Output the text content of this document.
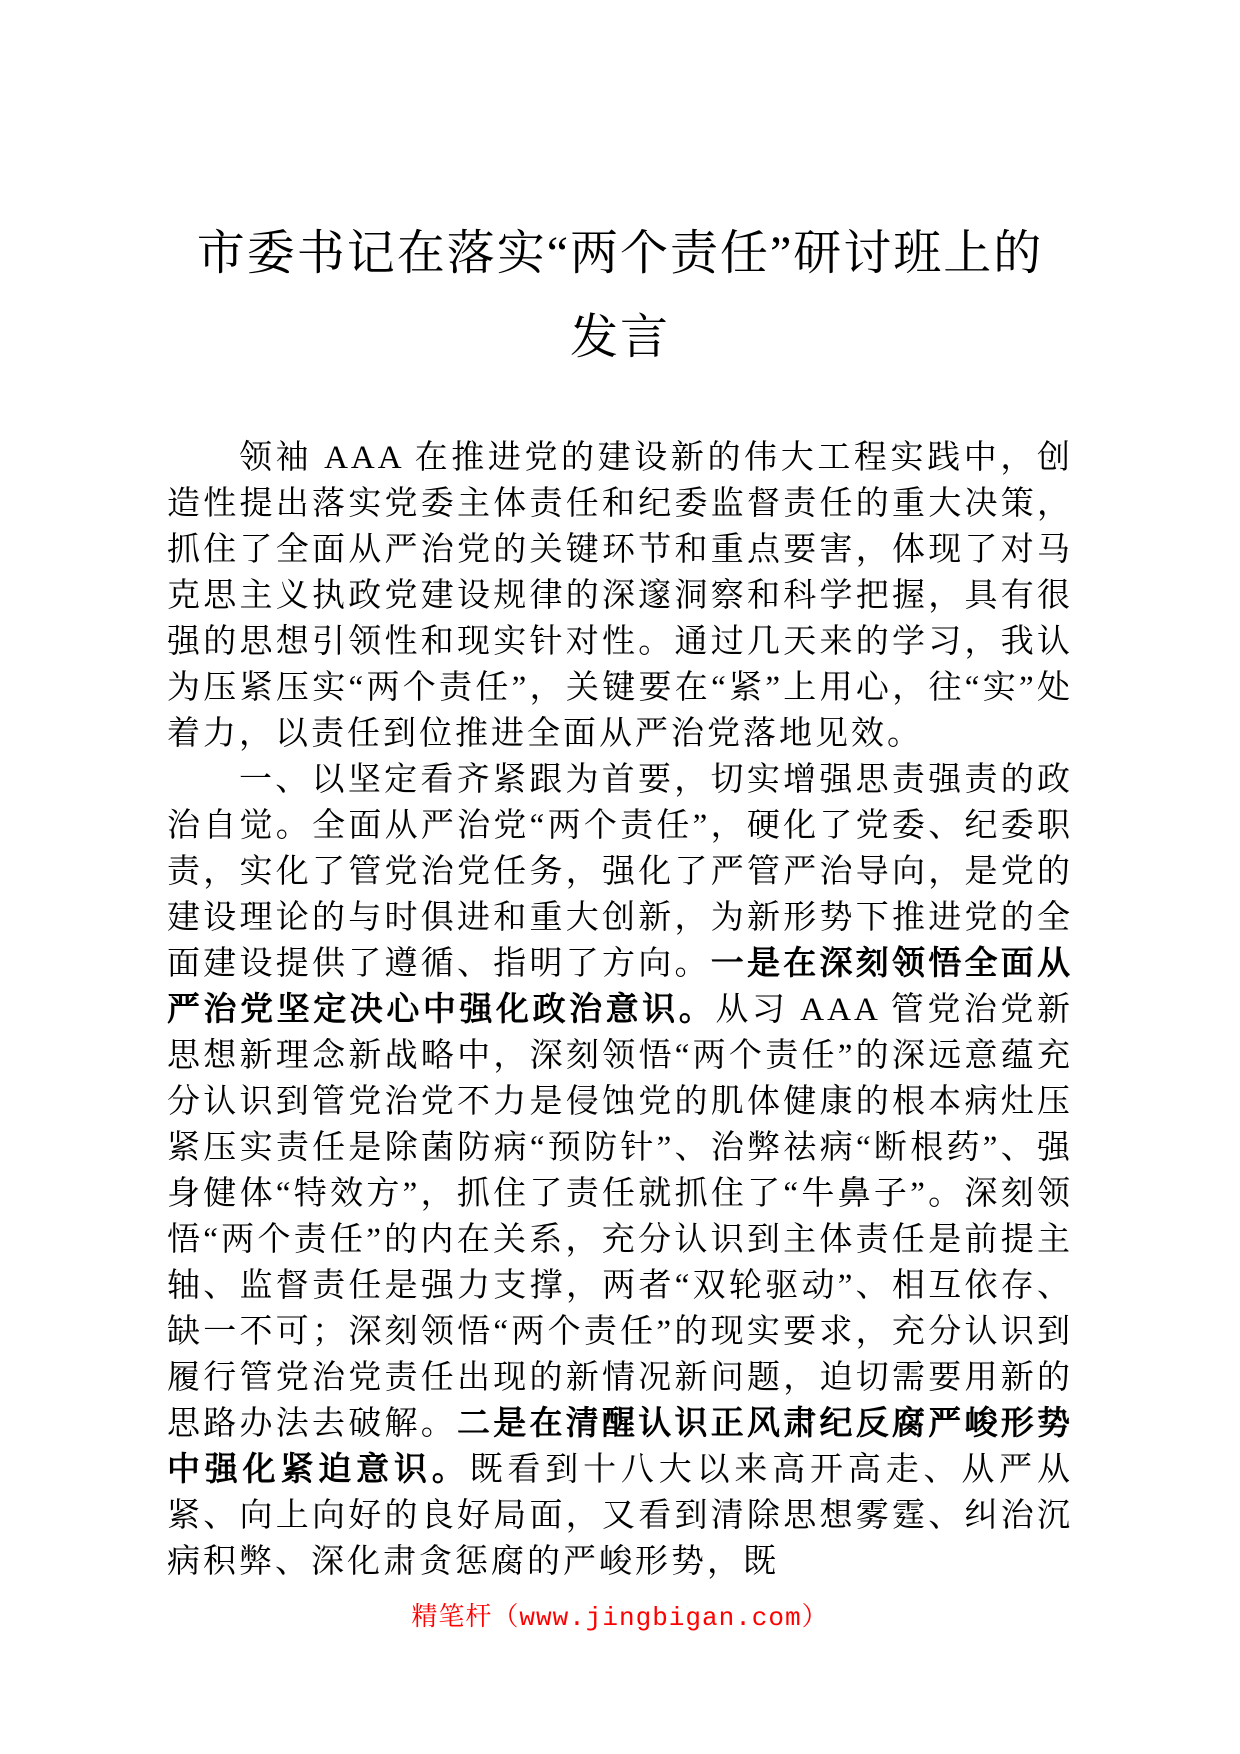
市委书记在落实“两个责任”研讨班上的
发言

领袖 AAA 在推进党的建设新的伟大工程实践中，创造性提出落实党委主体责任和纪委监督责任的重大决策，抓住了全面从严治党的关键环节和重点要害，体现了对马克思主义执政党建设规律的深邃洞察和科学把握，具有很强的思想引领性和现实针对性。通过几天来的学习，我认为压紧压实“两个责任”，关键要在“紧”上用心，往“实”处着力，以责任到位推进全面从严治党落地见效。

一、以坚定看齐紧跟为首要，切实增强思责强责的政治自觉。全面从严治党“两个责任”，硬化了党委、纪委职责，实化了管党治党任务，强化了严管严治导向，是党的建设理论的与时俱进和重大创新，为新形势下推进党的全面建设提供了遵循、指明了方向。一是在深刻领悟全面从严治党坚定决心中强化政治意识。从习 AAA 管党治党新思想新理念新战略中，深刻领悟“两个责任”的深远意蕴充分认识到管党治党不力是侵蚀党的肌体健康的根本病灶压紧压实责任是除菌防病“预防针”、治弊祛病“断根药”、强身健体“特效方”，抓住了责任就抓住了“牛鼻子”。深刻领悟“两个责任”的内在关系，充分认识到主体责任是前提主轴、监督责任是强力支撑，两者“双轮驱动”、相互依存、缺一不可；深刻领悟“两个责任”的现实要求，充分认识到履行管党治党责任出现的新情况新问题，迫切需要用新的思路办法去破解。二是在清醒认识正风肃纪反腐严峻形势中强化紧迫意识。既看到十八大以来高开高走、从严从紧、向上向好的良好局面，又看到清除思想雾霆、纠治沉病积弊、深化肃贪惩腐的严峻形势，既

精笔杆（www.jingbigan.com）
